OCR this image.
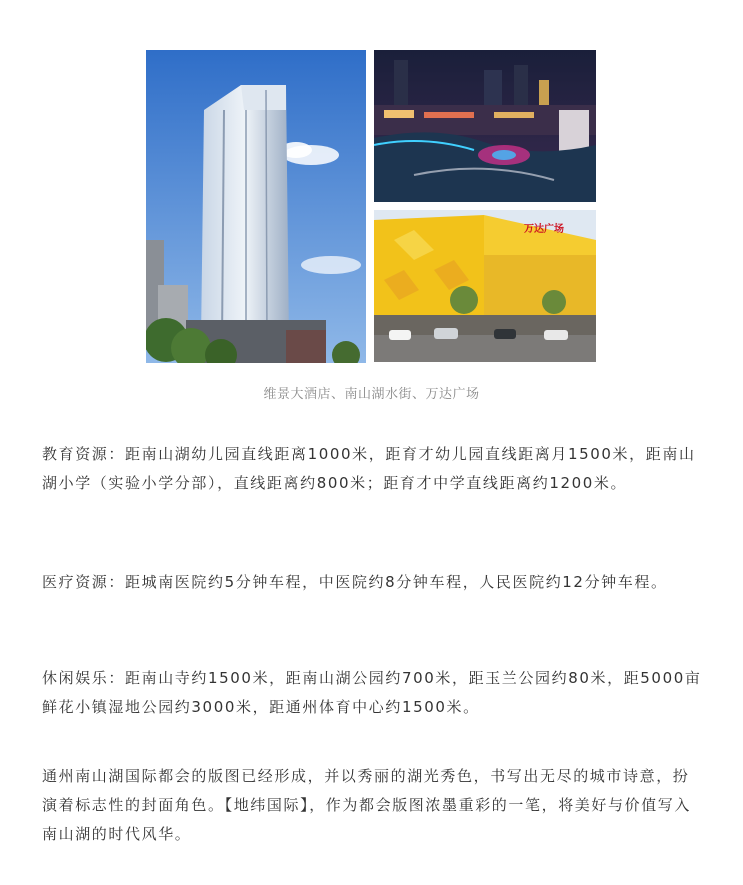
万达广场
维景大酒店、南山湖水街、万达广场

教育资源：距南山湖幼儿园直线距离1000米，距育才幼儿园直线距离月1500米，距南山湖小学（实验小学分部），直线距离约800米；距育才中学直线距离约1200米。

医疗资源：距城南医院约5分钟车程，中医院约8分钟车程，人民医院约12分钟车程。

休闲娱乐：距南山寺约1500米，距南山湖公园约700米，距玉兰公园约80米，距5000亩鲜花小镇湿地公园约3000米，距通州体育中心约1500米。

通州南山湖国际都会的版图已经形成，并以秀丽的湖光秀色，书写出无尽的城市诗意，扮演着标志性的封面角色。【地纬国际】，作为都会版图浓墨重彩的一笔，将美好与价值写入南山湖的时代风华。
